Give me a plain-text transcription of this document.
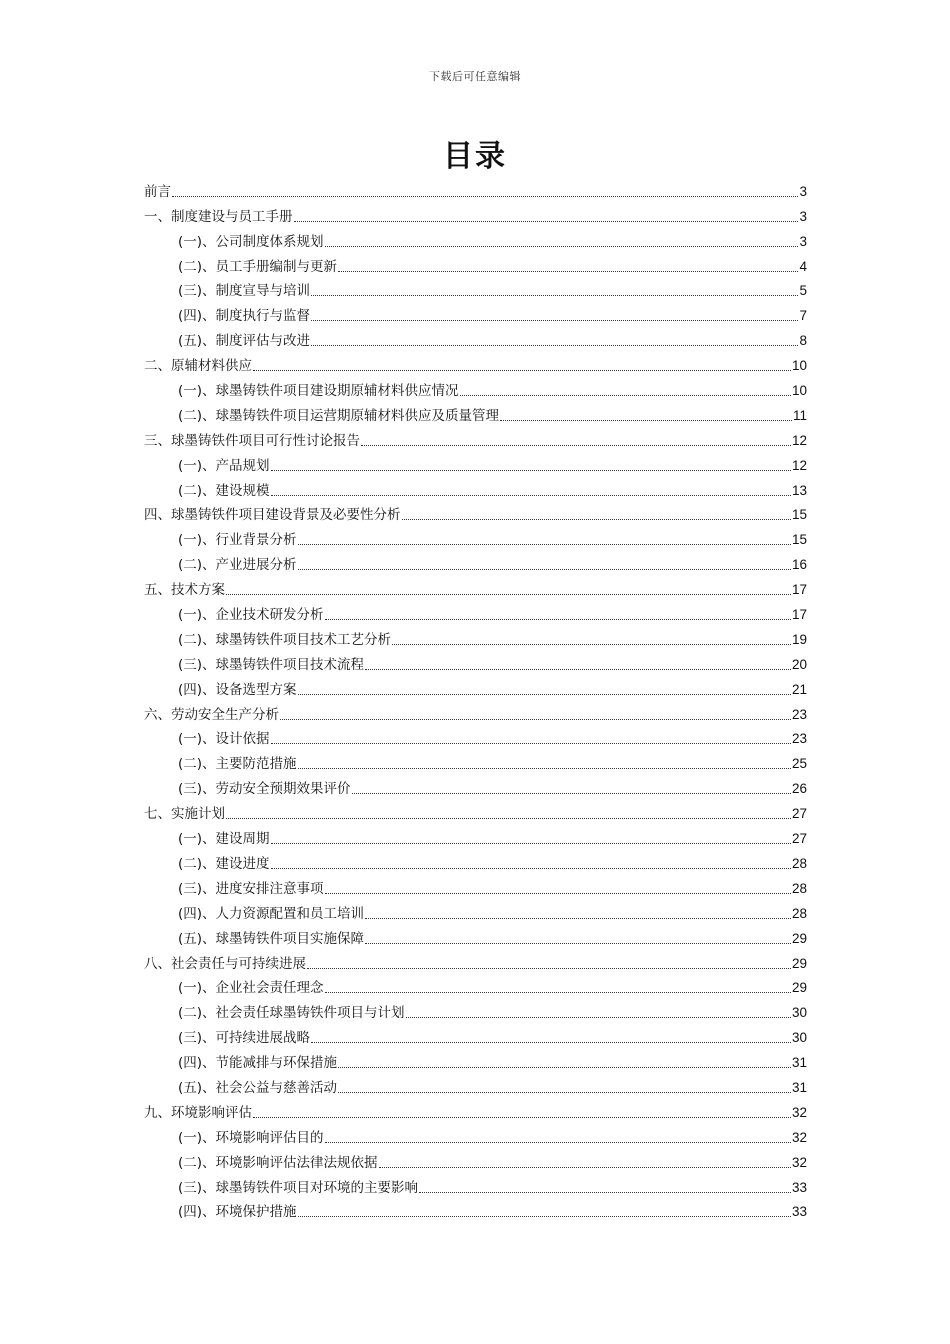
下载后可任意编辑
目录
前言	3
一、制度建设与员工手册	3
(一)、公司制度体系规划	3
(二)、员工手册编制与更新	4
(三)、制度宣导与培训	5
(四)、制度执行与监督	7
(五)、制度评估与改进	8
二、原辅材料供应	10
(一)、球墨铸铁件项目建设期原辅材料供应情况	10
(二)、球墨铸铁件项目运营期原辅材料供应及质量管理	11
三、球墨铸铁件项目可行性讨论报告	12
(一)、产品规划	12
(二)、建设规模	13
四、球墨铸铁件项目建设背景及必要性分析	15
(一)、行业背景分析	15
(二)、产业进展分析	16
五、技术方案	17
(一)、企业技术研发分析	17
(二)、球墨铸铁件项目技术工艺分析	19
(三)、球墨铸铁件项目技术流程	20
(四)、设备选型方案	21
六、劳动安全生产分析	23
(一)、设计依据	23
(二)、主要防范措施	25
(三)、劳动安全预期效果评价	26
七、实施计划	27
(一)、建设周期	27
(二)、建设进度	28
(三)、进度安排注意事项	28
(四)、人力资源配置和员工培训	28
(五)、球墨铸铁件项目实施保障	29
八、社会责任与可持续进展	29
(一)、企业社会责任理念	29
(二)、社会责任球墨铸铁件项目与计划	30
(三)、可持续进展战略	30
(四)、节能减排与环保措施	31
(五)、社会公益与慈善活动	31
九、环境影响评估	32
(一)、环境影响评估目的	32
(二)、环境影响评估法律法规依据	32
(三)、球墨铸铁件项目对环境的主要影响	33
(四)、环境保护措施	33
